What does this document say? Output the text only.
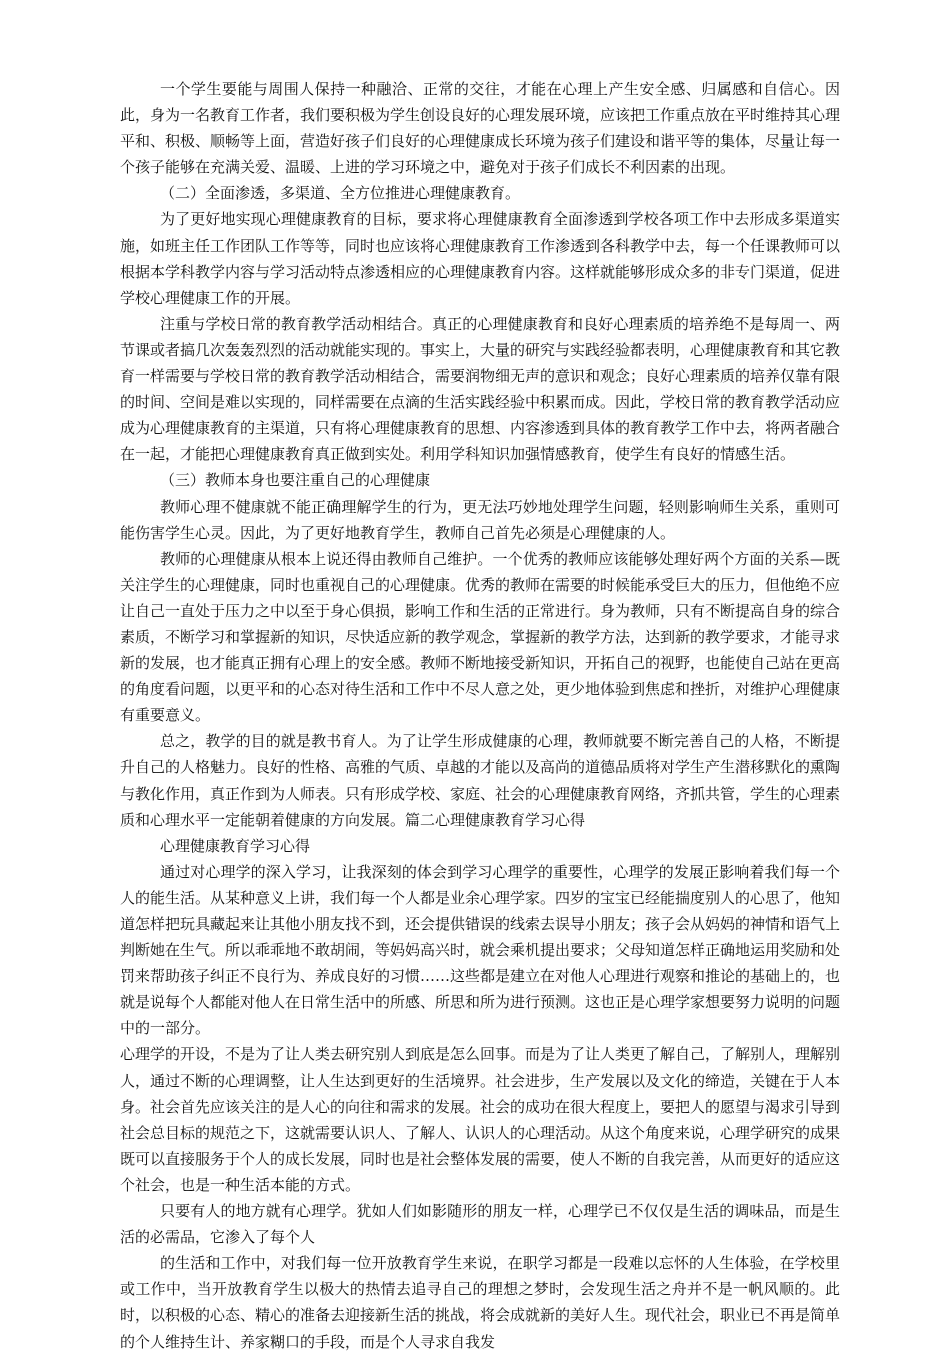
一个学生要能与周围人保持一种融洽、正常的交往，才能在心理上产生安全感、归属感和自信心。因此，身为一名教育工作者，我们要积极为学生创设良好的心理发展环境，应该把工作重点放在平时维持其心理平和、积极、顺畅等上面，营造好孩子们良好的心理健康成长环境为孩子们建设和谐平等的集体，尽量让每一个孩子能够在充满关爱、温暖、上进的学习环境之中，避免对于孩子们成长不利因素的出现。

（二）全面渗透，多渠道、全方位推进心理健康教育。

为了更好地实现心理健康教育的目标，要求将心理健康教育全面渗透到学校各项工作中去形成多渠道实施，如班主任工作团队工作等等，同时也应该将心理健康教育工作渗透到各科教学中去，每一个任课教师可以根据本学科教学内容与学习活动特点渗透相应的心理健康教育内容。这样就能够形成众多的非专门渠道，促进学校心理健康工作的开展。

注重与学校日常的教育教学活动相结合。真正的心理健康教育和良好心理素质的培养绝不是每周一、两节课或者搞几次轰轰烈烈的活动就能实现的。事实上，大量的研究与实践经验都表明，心理健康教育和其它教育一样需要与学校日常的教育教学活动相结合，需要润物细无声的意识和观念；良好心理素质的培养仅靠有限的时间、空间是难以实现的，同样需要在点滴的生活实践经验中积累而成。因此，学校日常的教育教学活动应成为心理健康教育的主渠道，只有将心理健康教育的思想、内容渗透到具体的教育教学工作中去，将两者融合在一起，才能把心理健康教育真正做到实处。利用学科知识加强情感教育，使学生有良好的情感生活。

（三）教师本身也要注重自己的心理健康

教师心理不健康就不能正确理解学生的行为，更无法巧妙地处理学生问题，轻则影响师生关系，重则可能伤害学生心灵。因此，为了更好地教育学生，教师自己首先必须是心理健康的人。

教师的心理健康从根本上说还得由教师自己维护。一个优秀的教师应该能够处理好两个方面的关系—既关注学生的心理健康，同时也重视自己的心理健康。优秀的教师在需要的时候能承受巨大的压力，但他绝不应让自己一直处于压力之中以至于身心俱损，影响工作和生活的正常进行。身为教师，只有不断提高自身的综合素质，不断学习和掌握新的知识，尽快适应新的教学观念，掌握新的教学方法，达到新的教学要求，才能寻求新的发展，也才能真正拥有心理上的安全感。教师不断地接受新知识，开拓自己的视野，也能使自己站在更高的角度看问题，以更平和的心态对待生活和工作中不尽人意之处，更少地体验到焦虑和挫折，对维护心理健康有重要意义。

总之，教学的目的就是教书育人。为了让学生形成健康的心理，教师就要不断完善自己的人格，不断提升自己的人格魅力。良好的性格、高雅的气质、卓越的才能以及高尚的道德品质将对学生产生潜移默化的熏陶与教化作用，真正作到为人师表。只有形成学校、家庭、社会的心理健康教育网络，齐抓共管，学生的心理素质和心理水平一定能朝着健康的方向发展。篇二心理健康教育学习心得

心理健康教育学习心得

通过对心理学的深入学习，让我深刻的体会到学习心理学的重要性，心理学的发展正影响着我们每一个人的能生活。从某种意义上讲，我们每一个人都是业余心理学家。四岁的宝宝已经能揣度别人的心思了，他知道怎样把玩具藏起来让其他小朋友找不到，还会提供错误的线索去误导小朋友；孩子会从妈妈的神情和语气上判断她在生气。所以乖乖地不敢胡闹，等妈妈高兴时，就会乘机提出要求；父母知道怎样正确地运用奖励和处罚来帮助孩子纠正不良行为、养成良好的习惯……这些都是建立在对他人心理进行观察和推论的基础上的，也就是说每个人都能对他人在日常生活中的所感、所思和所为进行预测。这也正是心理学家想要努力说明的问题中的一部分。

心理学的开设，不是为了让人类去研究别人到底是怎么回事。而是为了让人类更了解自己，了解别人，理解别人，通过不断的心理调整，让人生达到更好的生活境界。社会进步，生产发展以及文化的缔造，关键在于人本身。社会首先应该关注的是人心的向往和需求的发展。社会的成功在很大程度上，要把人的愿望与渴求引导到社会总目标的规范之下，这就需要认识人、了解人、认识人的心理活动。从这个角度来说，心理学研究的成果既可以直接服务于个人的成长发展，同时也是社会整体发展的需要，使人不断的自我完善，从而更好的适应这个社会，也是一种生活本能的方式。

只要有人的地方就有心理学。犹如人们如影随形的朋友一样，心理学已不仅仅是生活的调味品，而是生活的必需品，它渗入了每个人

的生活和工作中，对我们每一位开放教育学生来说，在职学习都是一段难以忘怀的人生体验，在学校里或工作中，当开放教育学生以极大的热情去追寻自己的理想之梦时，会发现生活之舟并不是一帆风顺的。此时，以积极的心态、精心的准备去迎接新生活的挑战，将会成就新的美好人生。现代社会，职业已不再是简单的个人维持生计、养家糊口的手段，而是个人寻求自我发
